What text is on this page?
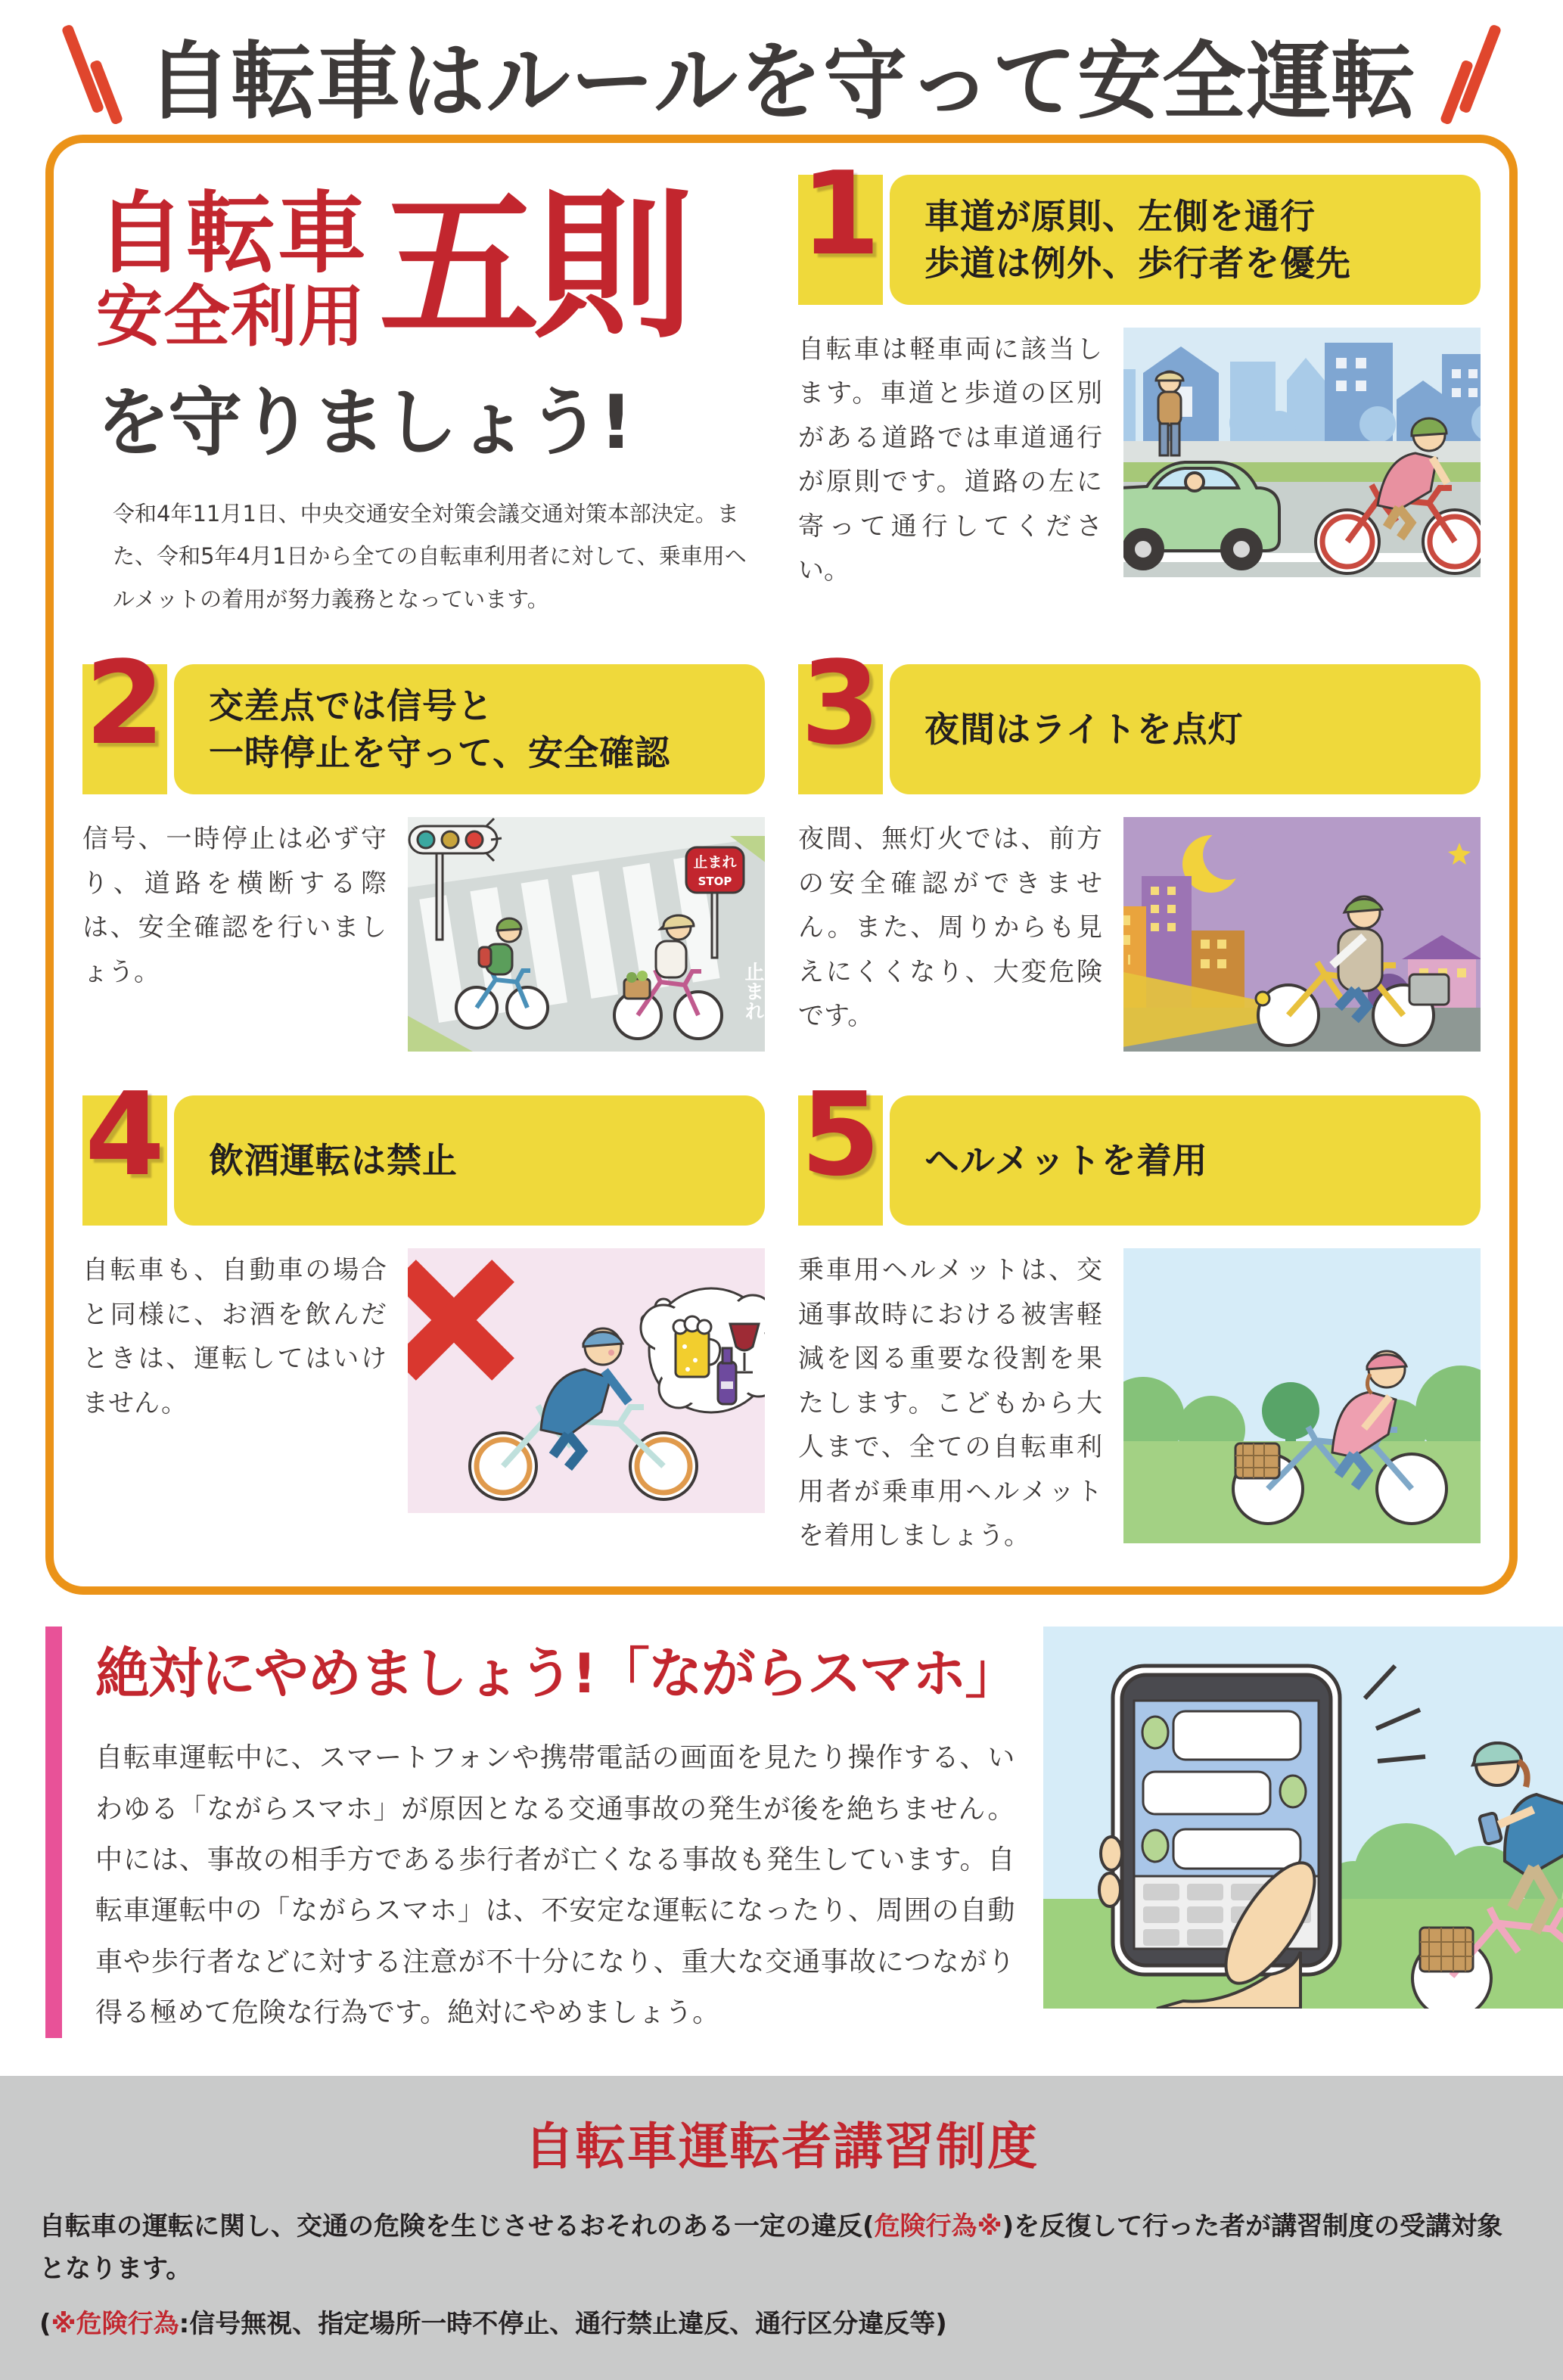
自転車はルールを守って安全運転
自転車
安全利用 五則
を守りましょう!

令和4年11月1日、中央交通安全対策会議交通対策本部決定。また、令和5年4月1日から全ての自転車利用者に対して、乗車用ヘルメットの着用が努力義務となっています。

1 車道が原則、左側を通行
歩道は例外、歩行者を優先

自転車は軽車両に該当します。車道と歩道の区別がある道路では車道通行が原則です。道路の左に寄って通行してください。

2 交差点では信号と
一時停止を守って、安全確認

信号、一時停止は必ず守り、道路を横断する際は、安全確認を行いましょう。

止まれ
STOP
止まれ
3 夜間はライトを点灯

夜間、無灯火では、前方の安全確認ができません。また、周りからも見えにくくなり、大変危険です。

4 飲酒運転は禁止

自転車も、自動車の場合と同様に、お酒を飲んだときは、運転してはいけません。

5 ヘルメットを着用

乗車用ヘルメットは、交通事故時における被害軽減を図る重要な役割を果たします。こどもから大人まで、全ての自転車利用者が乗車用ヘルメットを着用しましょう。

絶対にやめましょう!「ながらスマホ」

自転車運転中に、スマートフォンや携帯電話の画面を見たり操作する、いわゆる「ながらスマホ」が原因となる交通事故の発生が後を絶ちません。中には、事故の相手方である歩行者が亡くなる事故も発生しています。自転車運転中の「ながらスマホ」は、不安定な運転になったり、周囲の自動車や歩行者などに対する注意が不十分になり、重大な交通事故につながり得る極めて危険な行為です。絶対にやめましょう。

自転車運転者講習制度

自転車の運転に関し、交通の危険を生じさせるおそれのある一定の違反(危険行為※)を反復して行った者が講習制度の受講対象となります。

(※危険行為:信号無視、指定場所一時不停止、通行禁止違反、通行区分違反等)
